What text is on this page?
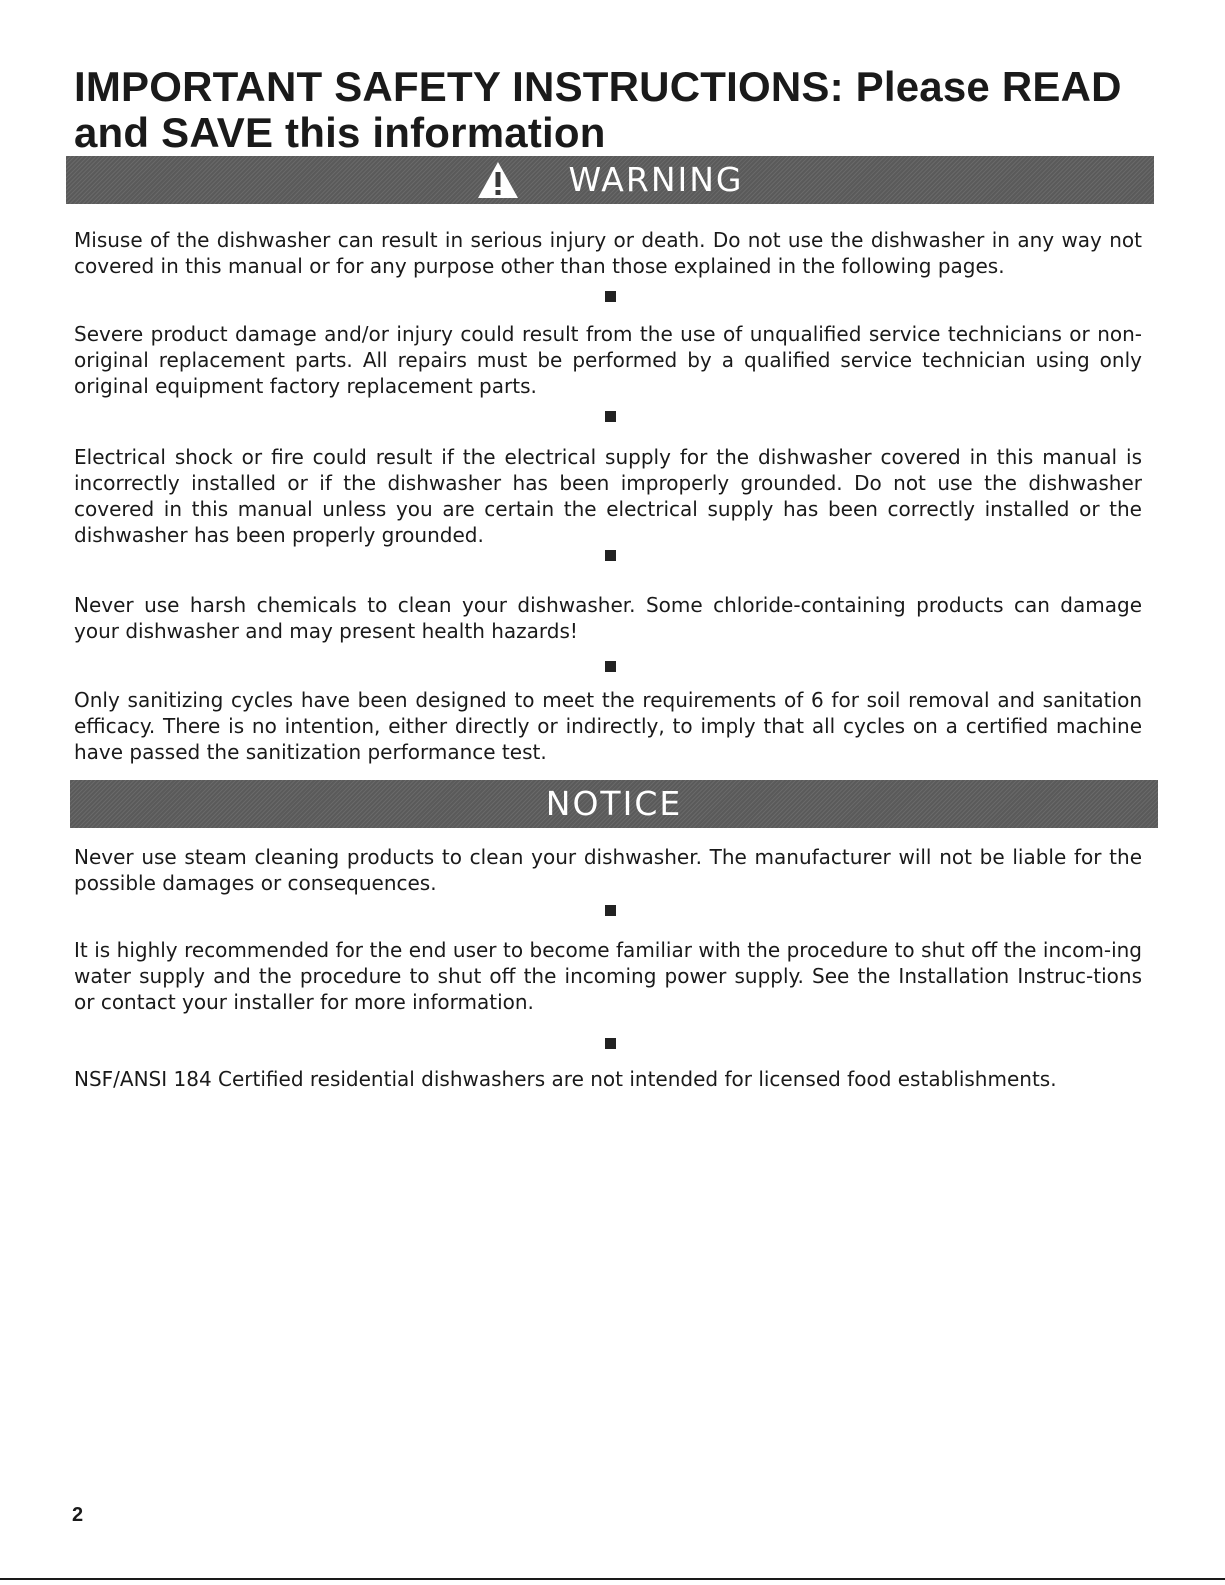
IMPORTANT SAFETY INSTRUCTIONS: Please READ and SAVE this information
WARNING

Misuse of the dishwasher can result in serious injury or death. Do not use the dishwasher in any way not covered in this manual or for any purpose other than those explained in the following pages.

Severe product damage and/or injury could result from the use of unqualified service technicians or non-original replacement parts. All repairs must be performed by a qualified service technician using only original equipment factory replacement parts.

Electrical shock or fire could result if the electrical supply for the dishwasher covered in this manual is incorrectly installed or if the dishwasher has been improperly grounded. Do not use the dishwasher covered in this manual unless you are certain the electrical supply has been correctly installed or the dishwasher has been properly grounded.

Never use harsh chemicals to clean your dishwasher. Some chloride-containing products can damage your dishwasher and may present health hazards!

Only sanitizing cycles have been designed to meet the requirements of 6 for soil removal and sanitation efficacy. There is no intention, either directly or indirectly, to imply that all cycles on a certified machine have passed the sanitization performance test.

NOTICE

Never use steam cleaning products to clean your dishwasher. The manufacturer will not be liable for the possible damages or consequences.

It is highly recommended for the end user to become familiar with the procedure to shut off the incom-ing water supply and the procedure to shut off the incoming power supply. See the Installation Instruc-tions or contact your installer for more information.

NSF/ANSI 184 Certified residential dishwashers are not intended for licensed food establishments.

2
